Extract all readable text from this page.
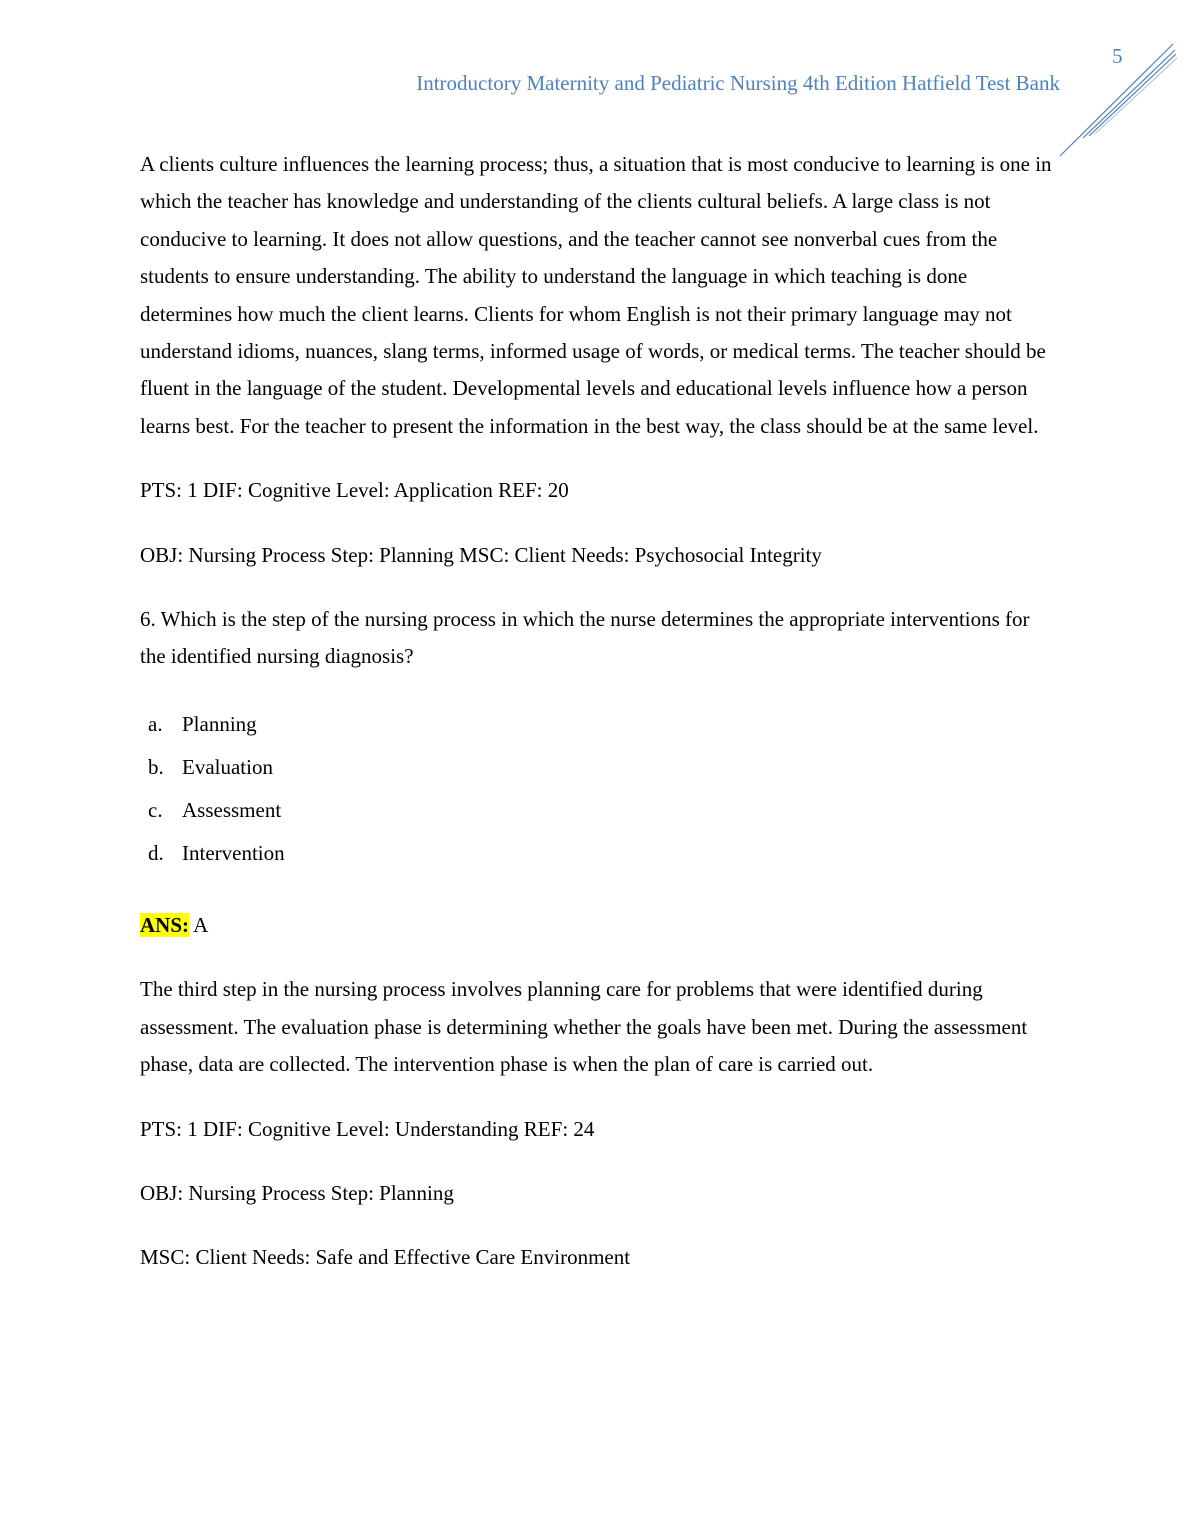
5
Introductory Maternity and Pediatric Nursing 4th Edition Hatfield Test Bank

A clients culture influences the learning process; thus, a situation that is most conducive to learning is one in which the teacher has knowledge and understanding of the clients cultural beliefs. A large class is not conducive to learning. It does not allow questions, and the teacher cannot see nonverbal cues from the students to ensure understanding. The ability to understand the language in which teaching is done determines how much the client learns. Clients for whom English is not their primary language may not understand idioms, nuances, slang terms, informed usage of words, or medical terms. The teacher should be fluent in the language of the student. Developmental levels and educational levels influence how a person learns best. For the teacher to present the information in the best way, the class should be at the same level.

PTS: 1 DIF: Cognitive Level: Application REF: 20

OBJ: Nursing Process Step: Planning MSC: Client Needs: Psychosocial Integrity

6. Which is the step of the nursing process in which the nurse determines the appropriate interventions for the identified nursing diagnosis?

a. Planning
b. Evaluation
c. Assessment
d. Intervention

ANS: A

The third step in the nursing process involves planning care for problems that were identified during assessment. The evaluation phase is determining whether the goals have been met. During the assessment phase, data are collected. The intervention phase is when the plan of care is carried out.

PTS: 1 DIF: Cognitive Level: Understanding REF: 24

OBJ: Nursing Process Step: Planning

MSC: Client Needs: Safe and Effective Care Environment
